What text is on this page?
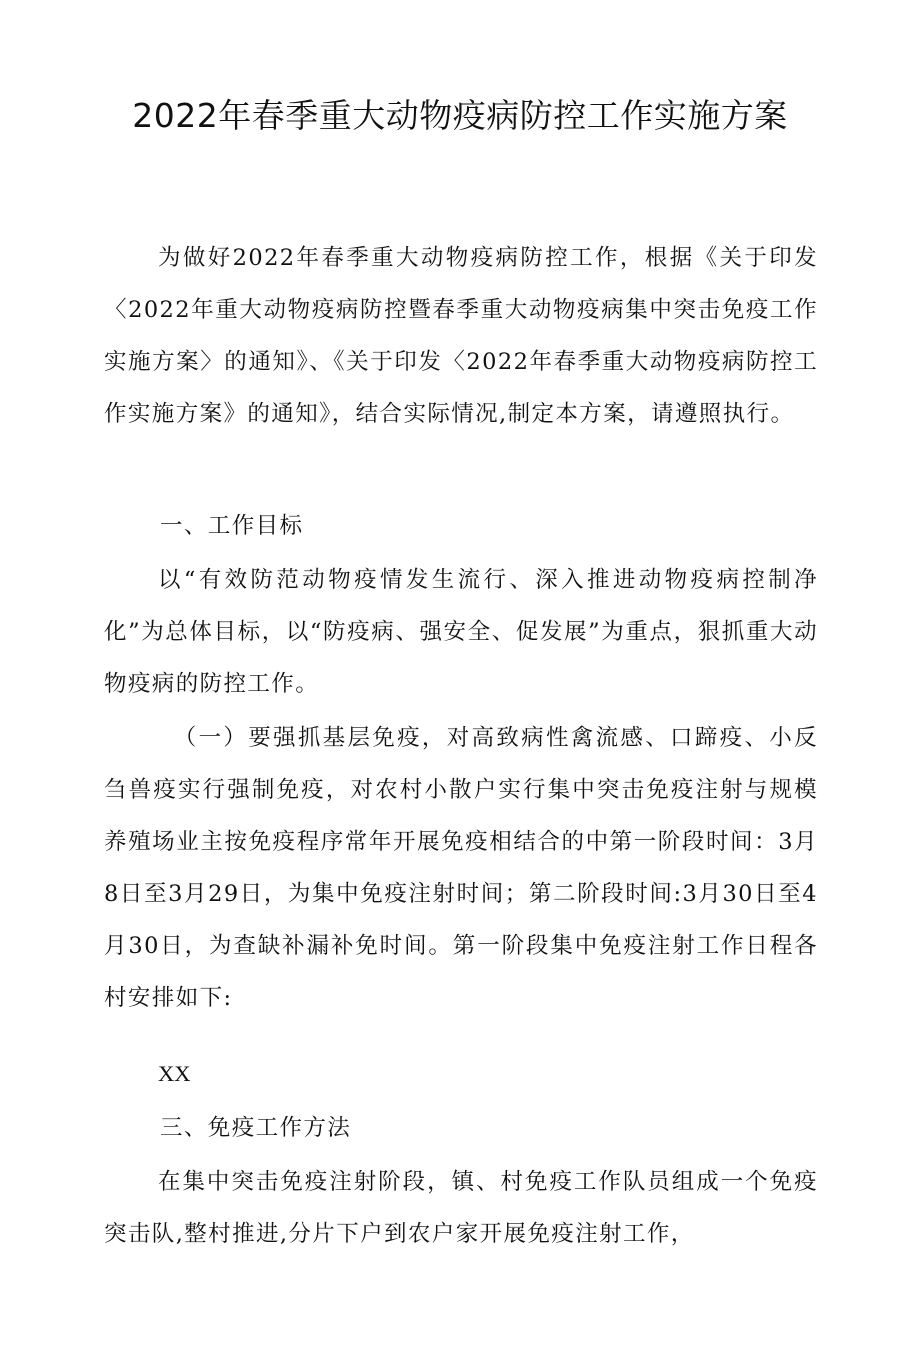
2022年春季重大动物疫病防控工作实施方案

为做好2022年春季重大动物疫病防控工作，根据《关于印发〈2022年重大动物疫病防控暨春季重大动物疫病集中突击免疫工作实施方案〉的通知》、《关于印发〈2022年春季重大动物疫病防控工作实施方案》的通知》，结合实际情况,制定本方案，请遵照执行。

一、工作目标

以“有效防范动物疫情发生流行、深入推进动物疫病控制净化”为总体目标，以“防疫病、强安全、促发展”为重点，狠抓重大动物疫病的防控工作。

（一）要强抓基层免疫，对高致病性禽流感、口蹄疫、小反刍兽疫实行强制免疫，对农村小散户实行集中突击免疫注射与规模养殖场业主按免疫程序常年开展免疫相结合的中第一阶段时间：3月8日至3月29日，为集中免疫注射时间；第二阶段时间:3月30日至4月30日，为查缺补漏补免时间。第一阶段集中免疫注射工作日程各村安排如下:

XX

三、免疫工作方法

在集中突击免疫注射阶段，镇、村免疫工作队员组成一个免疫突击队,整村推进,分片下户到农户家开展免疫注射工作，
